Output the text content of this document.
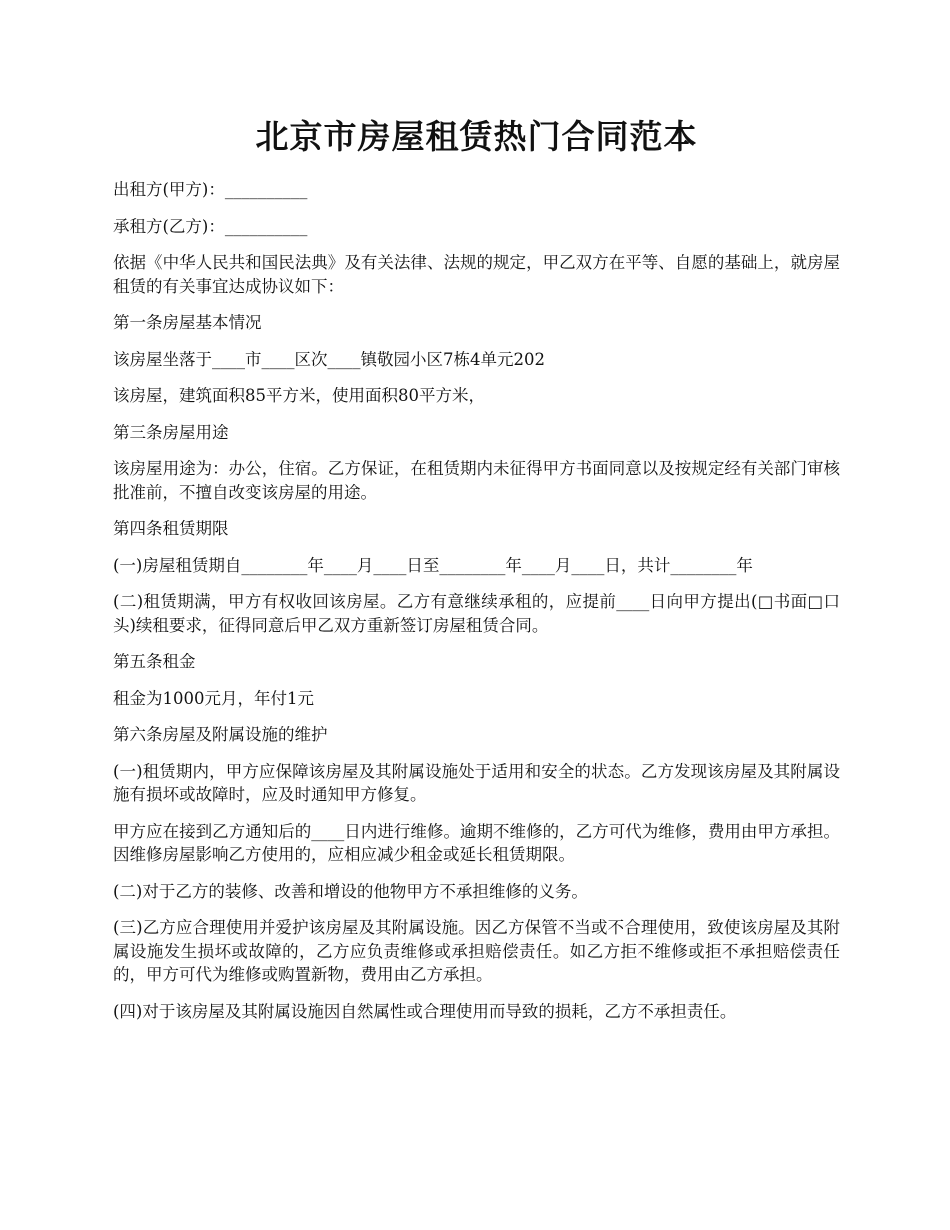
北京市房屋租赁热门合同范本

出租方(甲方)：__________

承租方(乙方)：__________

依据《中华人民共和国民法典》及有关法律、法规的规定，甲乙双方在平等、自愿的基础上，就房屋租赁的有关事宜达成协议如下：

第一条房屋基本情况

该房屋坐落于____市____区次____镇敬园小区7栋4单元202

该房屋，建筑面积85平方米，使用面积80平方米，

第三条房屋用途

该房屋用途为：办公，住宿。乙方保证，在租赁期内未征得甲方书面同意以及按规定经有关部门审核批准前，不擅自改变该房屋的用途。

第四条租赁期限

(一)房屋租赁期自________年____月____日至________年____月____日，共计________年

(二)租赁期满，甲方有权收回该房屋。乙方有意继续承租的，应提前____日向甲方提出(□书面□口头)续租要求，征得同意后甲乙双方重新签订房屋租赁合同。

第五条租金

租金为1000元月，年付1元

第六条房屋及附属设施的维护

(一)租赁期内，甲方应保障该房屋及其附属设施处于适用和安全的状态。乙方发现该房屋及其附属设施有损坏或故障时，应及时通知甲方修复。

甲方应在接到乙方通知后的____日内进行维修。逾期不维修的，乙方可代为维修，费用由甲方承担。因维修房屋影响乙方使用的，应相应减少租金或延长租赁期限。

(二)对于乙方的装修、改善和增设的他物甲方不承担维修的义务。

(三)乙方应合理使用并爱护该房屋及其附属设施。因乙方保管不当或不合理使用，致使该房屋及其附属设施发生损坏或故障的，乙方应负责维修或承担赔偿责任。如乙方拒不维修或拒不承担赔偿责任的，甲方可代为维修或购置新物，费用由乙方承担。

(四)对于该房屋及其附属设施因自然属性或合理使用而导致的损耗，乙方不承担责任。
